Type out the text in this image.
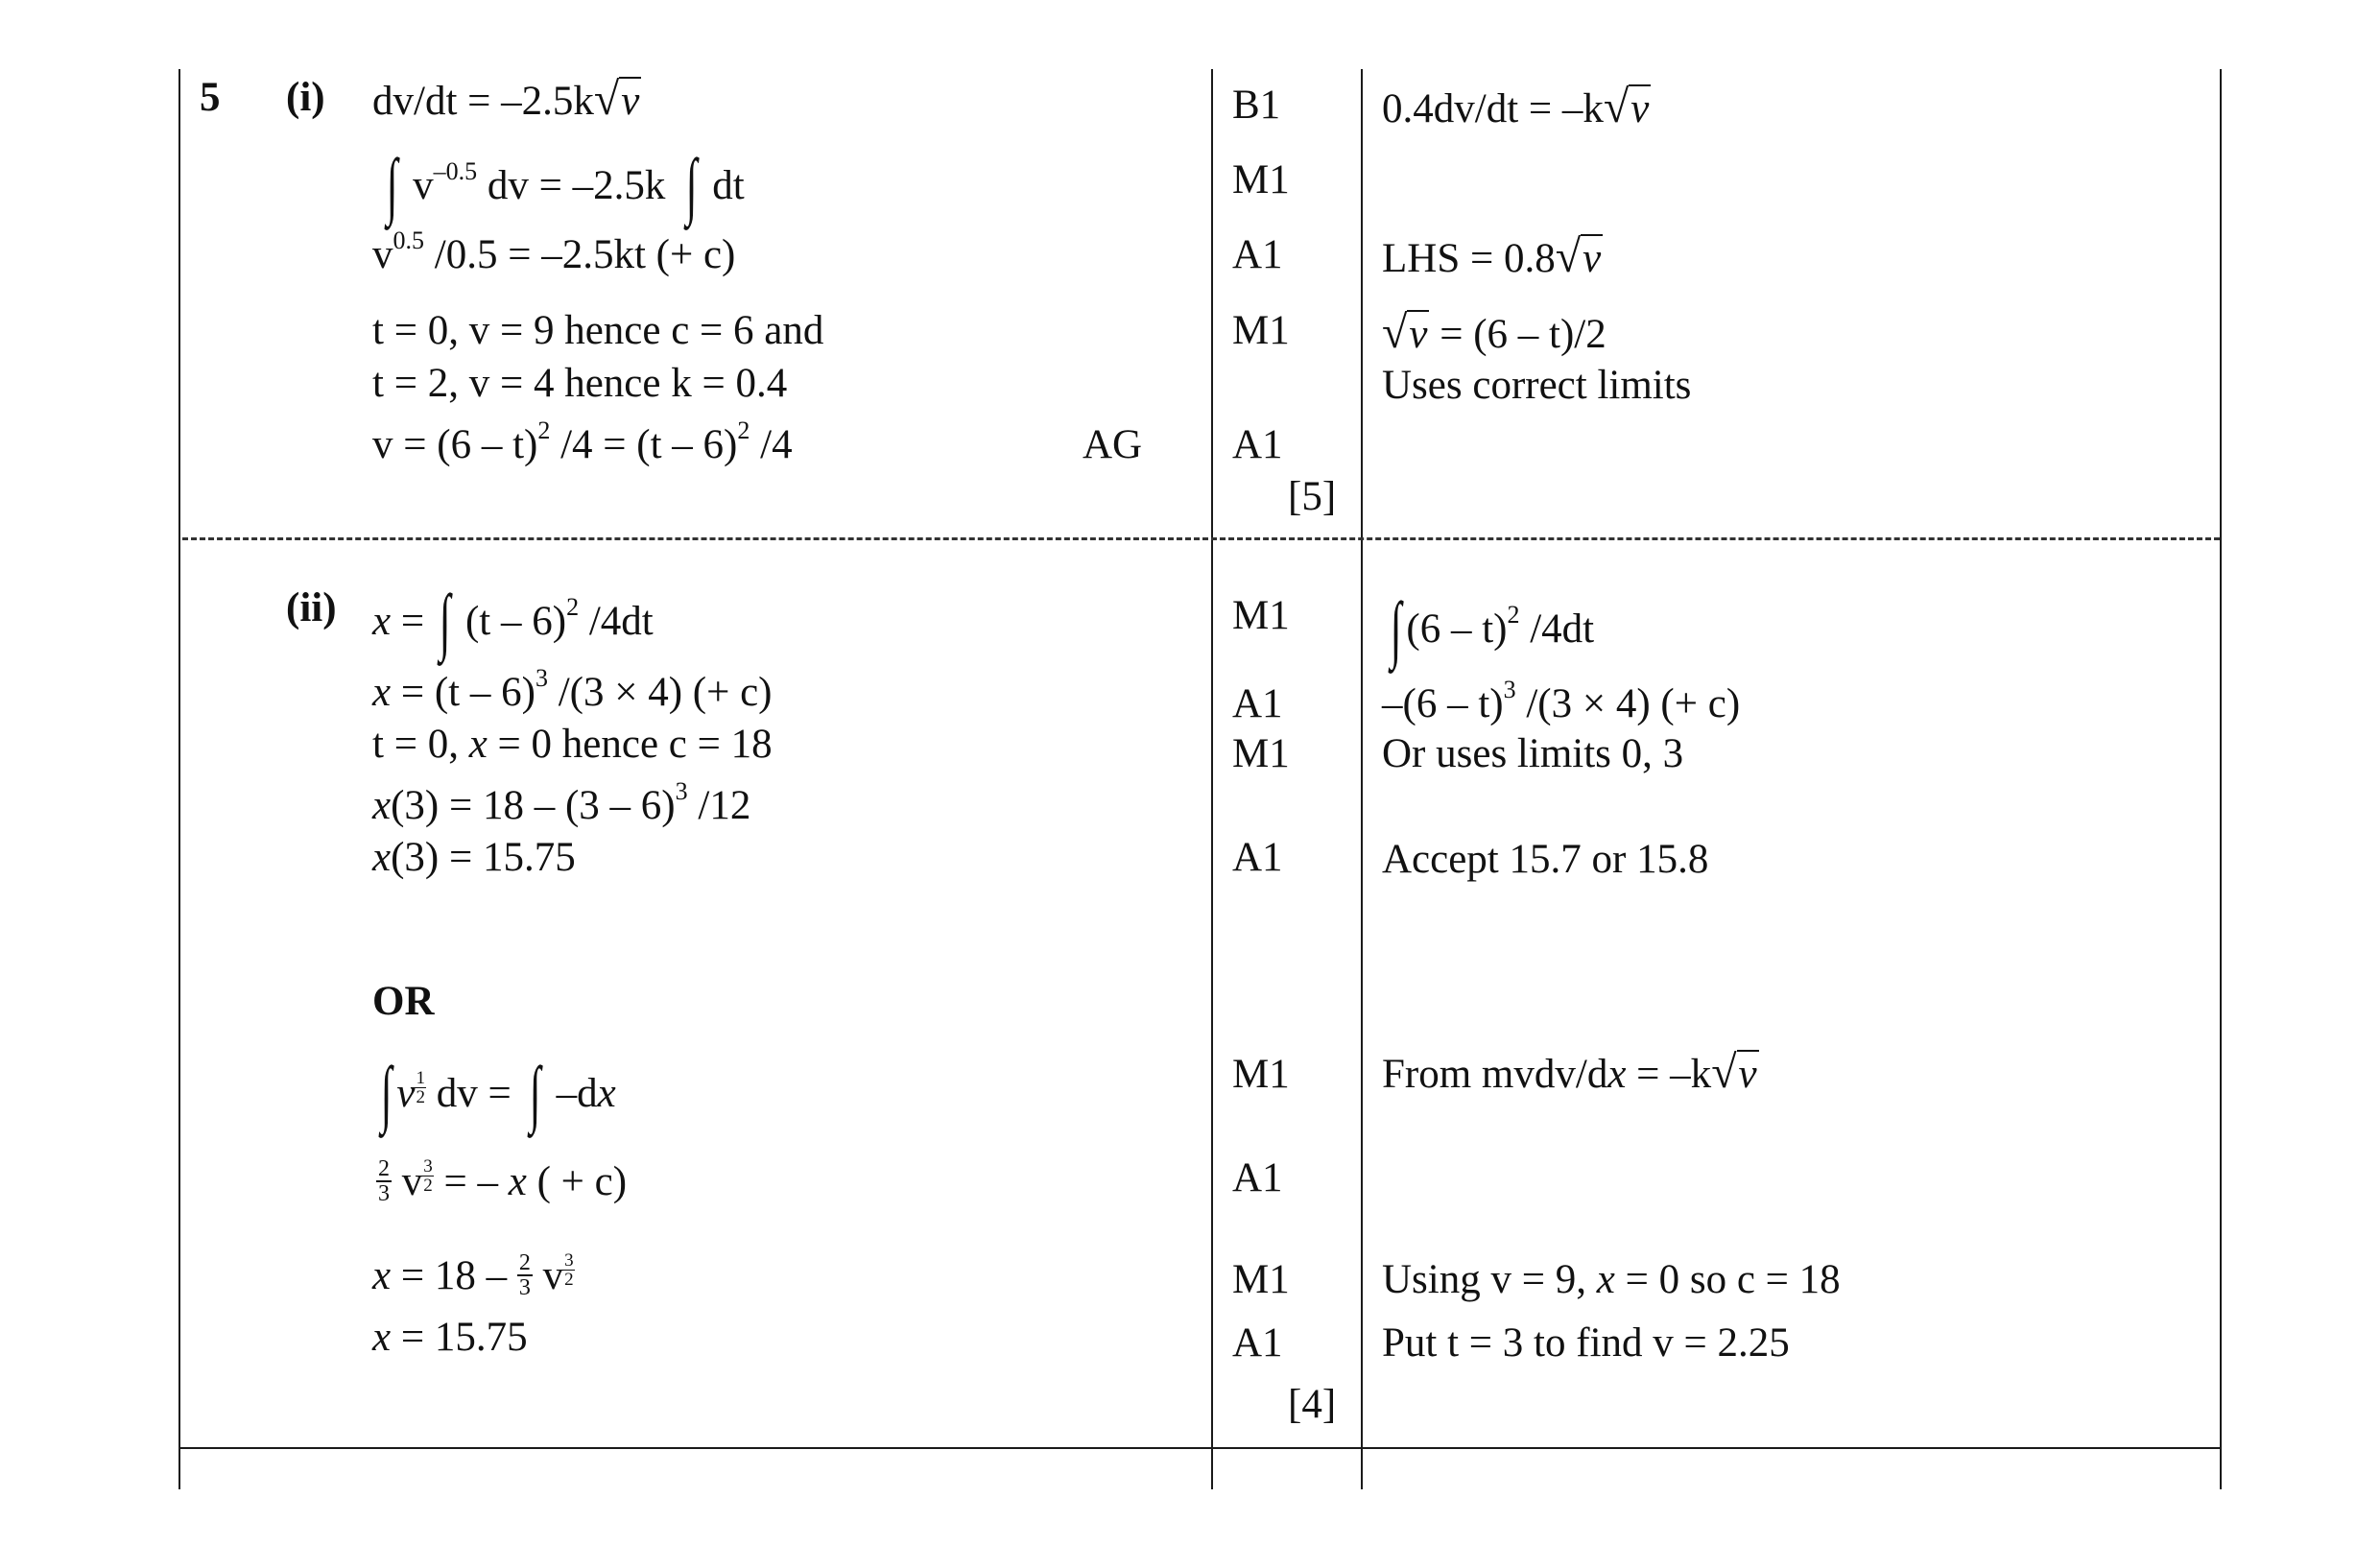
5 (i)
(ii)
dv/dt = –2.5k√v
∫ $v^{-0.5}$ dv = –2.5k ∫ dt
$v^{0.5}$ /0.5 = –2.5kt (+ c)
t = 0, v = 9 hence c = 6 and
t = 2, v = 4 hence k = 0.4
v = (6 – t)$^2$ /4 = (t – 6)$^2$ /4	AG
B1
M1
A1
M1
A1
[5]
0.4dv/dt = –k√v
LHS = 0.8√v
√v = (6 – t)/2
Uses correct limits
x = ∫ (t – 6)$^2$ /4dt
x = (t – 6)$^3$ /(3 × 4) (+ c)
t = 0, x = 0 hence c = 18
x(3) = 18 – (3 – 6)$^3$ /12
x(3) = 15.75
OR
∫ v $\frac{1}{2}$ dv = ∫ –dx
$\frac{2}{3}$ v $\frac{3}{2}$ = – x ( + c)
$x = 18 - \frac{2}{3}$ v $\frac{3}{2}$
x = 15.75
M1
A1
M1
A1
M1
A1
M1
A1
[4]
∫ (6 – t)$^2$ /4dt
–(6 – t)$^3$ /(3 × 4) (+ c)
Or uses limits 0, 3
Accept 15.7 or 15.8
From mvdv/dx = –k√v
Using v = 9, x = 0 so c = 18
Put t = 3 to find v = 2.25
